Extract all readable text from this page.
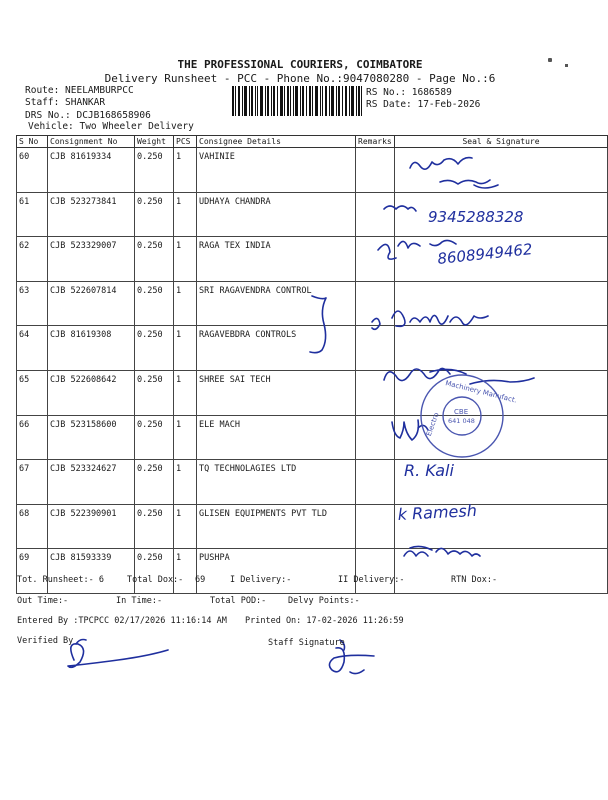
THE PROFESSIONAL COURIERS, COIMBATORE
Delivery Runsheet - PCC - Phone No.:9047080280 - Page No.:6
Route: NEELAMBURPCC
Staff: SHANKAR
DRS No.: DCJB168658906
Vehicle: Two Wheeler Delivery
RS No.: 1686589
RS Date: 17-Feb-2026
S No	Consignment No	Weight	PCS	Consignee Details	Remarks	Seal & Signature
60	CJB 81619334	0.250	1	VAHINIE		
61	CJB 523273841	0.250	1	UDHAYA CHANDRA		
62	CJB 523329007	0.250	1	RAGA TEX INDIA		
63	CJB 522607814	0.250	1	SRI RAGAVENDRA CONTROL		
64	CJB 81619308	0.250	1	RAGAVEBDRA CONTROLS		
65	CJB 522608642	0.250	1	SHREE SAI TECH		
66	CJB 523158600	0.250	1	ELE MACH		
67	CJB 523324627	0.250	1	TQ TECHNOLAGIES LTD		
68	CJB 522390901	0.250	1	GLISEN EQUIPMENTS PVT TLD		
69	CJB 81593339	0.250	1	PUSHPA		
9345288328
8608949462
R. Kali
k Ramesh
Machinery Manufact.
Electro CBE
641 048
Tot. Runsheet:- 6	Total Dox:- 69	I Delivery:-	II Delivery:-	RTN Dox:-
Out Time:-	In Time:-	Total POD:-	Delvy Points:-
Entered By :TPCPCC 02/17/2026 11:16:14 AM Printed On: 17-02-2026 11:26:59
Verified By	Staff Signature
